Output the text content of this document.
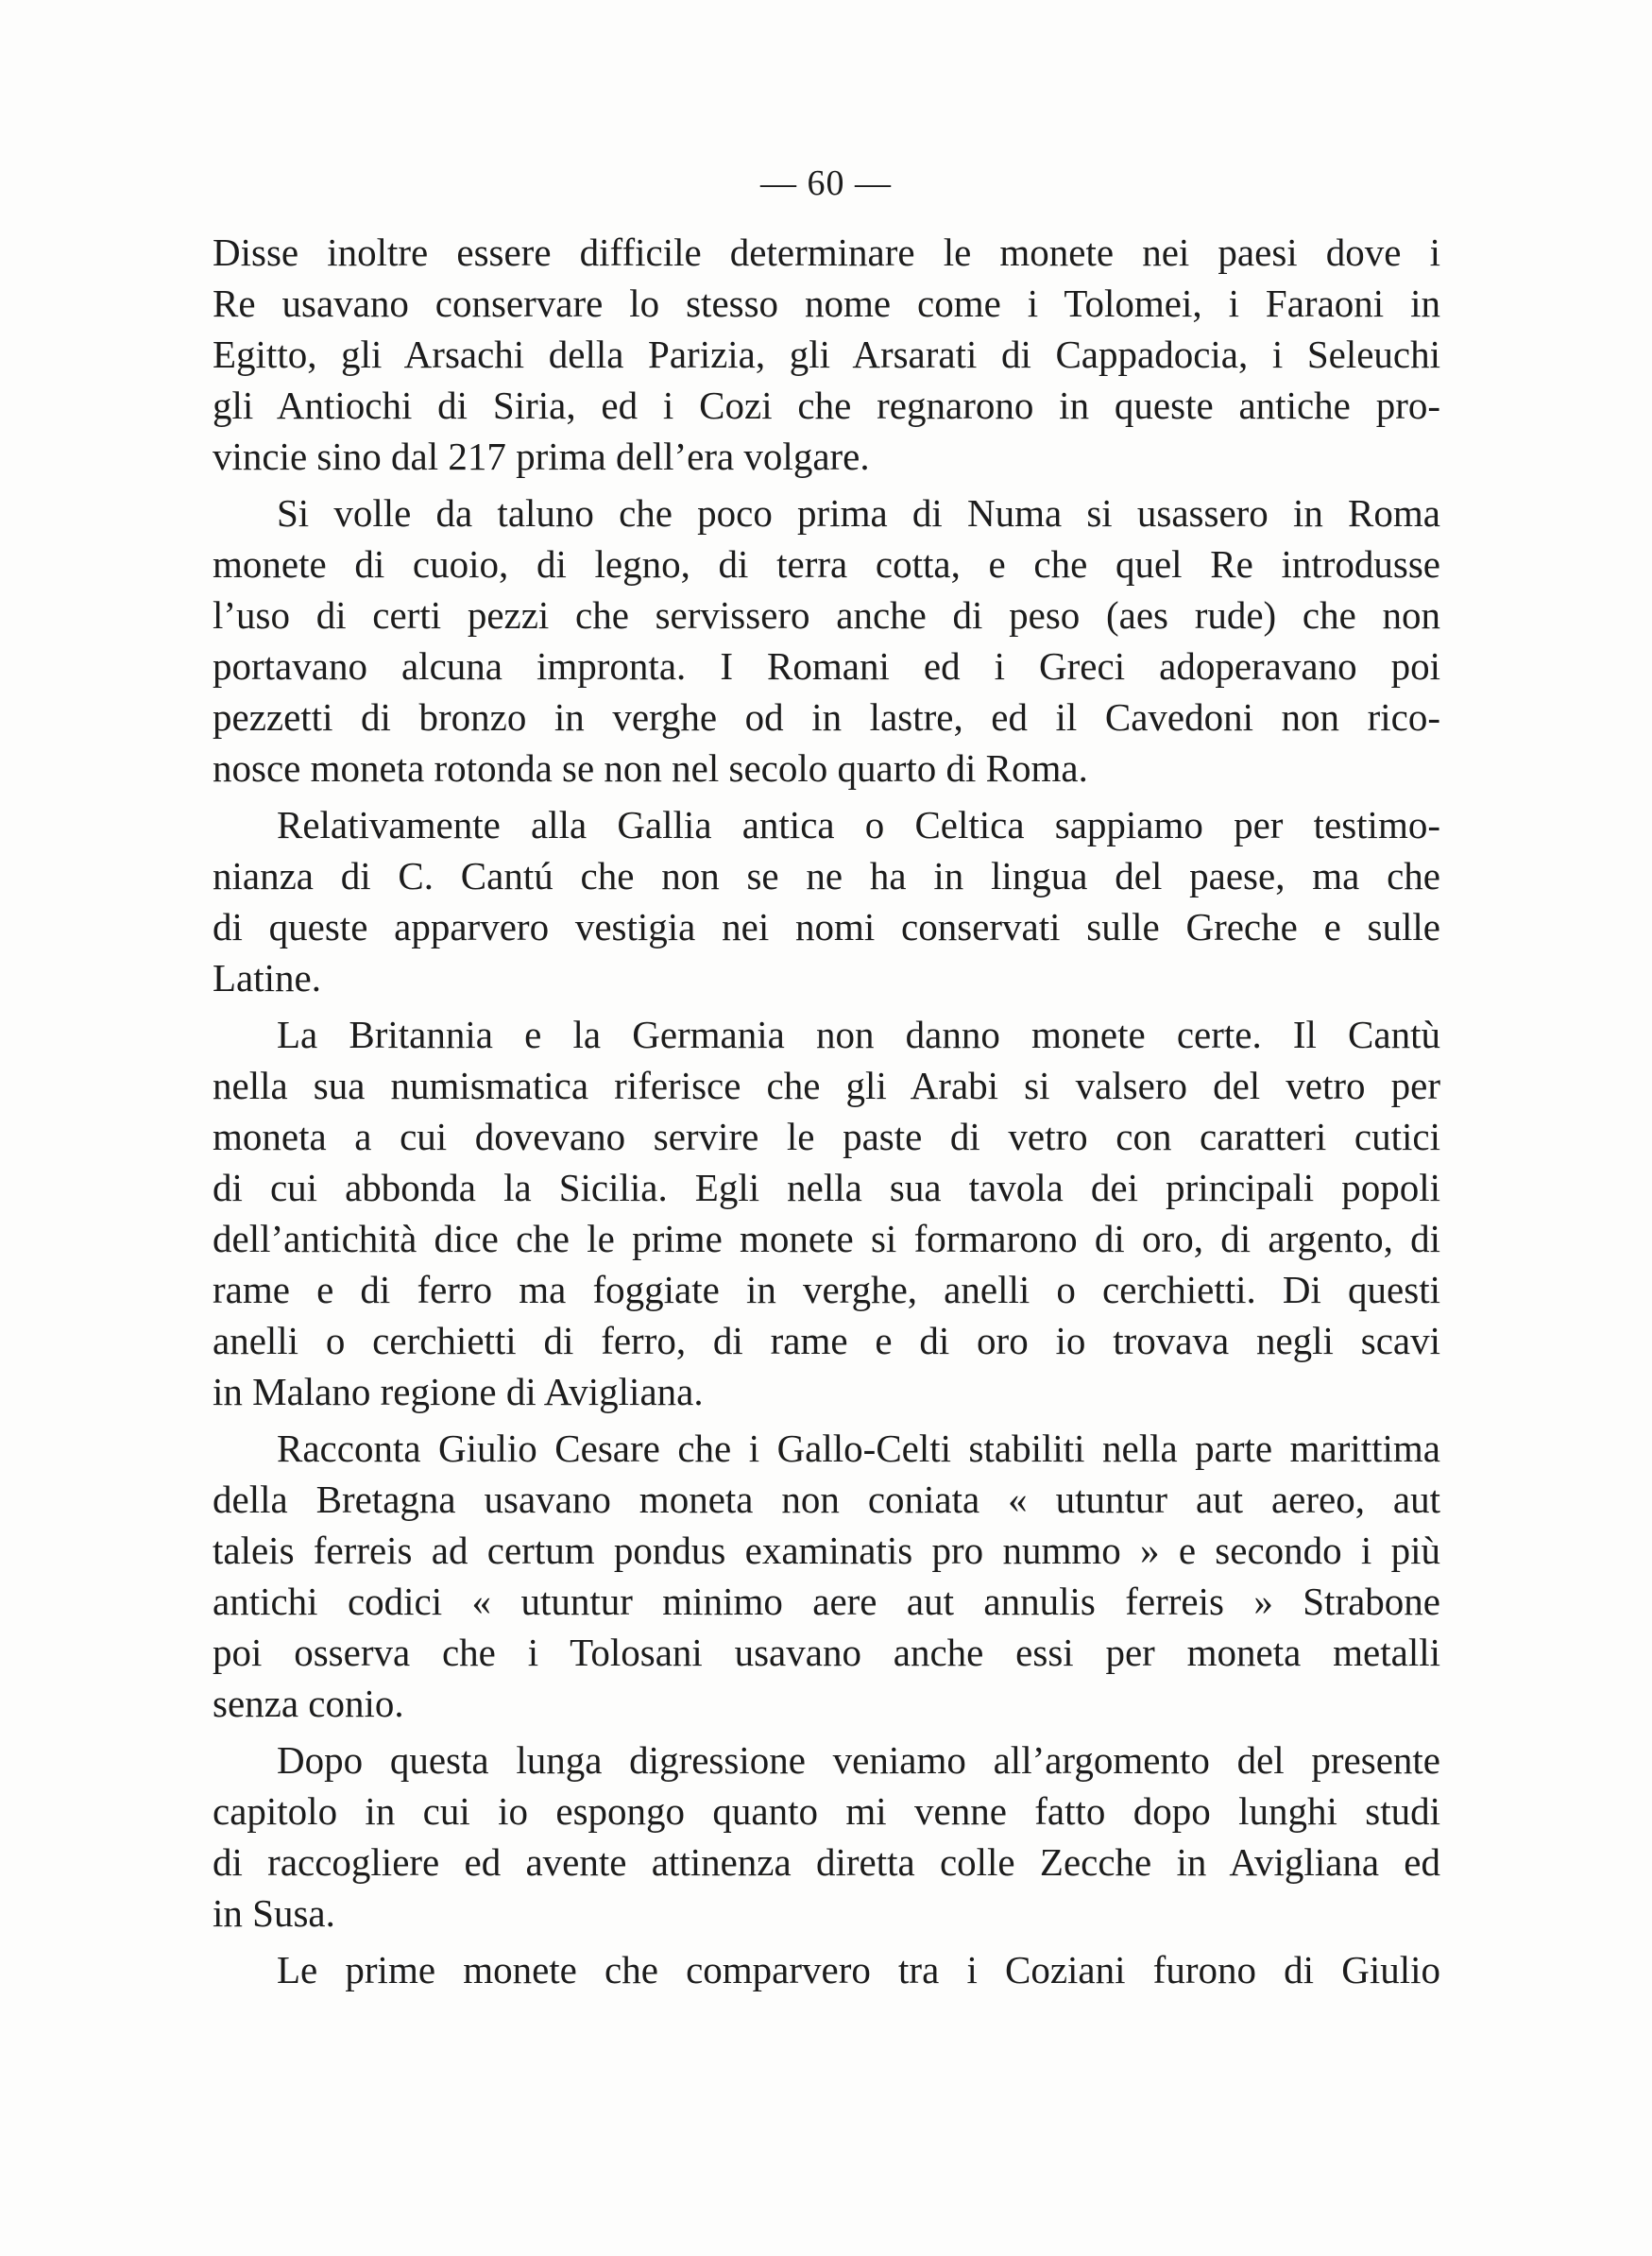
— 60 —
Disse inoltre essere difficile determinare le monete nei paesi dove i
Re usavano conservare lo stesso nome come i Tolomei, i Faraoni in
Egitto, gli Arsachi della Parizia, gli Arsarati di Cappadocia, i Seleuchi
gli Antiochi di Siria, ed i Cozi che regnarono in queste antiche pro-
vincie sino dal 217 prima dell’era volgare.
Si volle da taluno che poco prima di Numa si usassero in Roma
monete di cuoio, di legno, di terra cotta, e che quel Re introdusse
l’uso di certi pezzi che servissero anche di peso (aes rude) che non
portavano alcuna impronta. I Romani ed i Greci adoperavano poi
pezzetti di bronzo in verghe od in lastre, ed il Cavedoni non rico-
nosce moneta rotonda se non nel secolo quarto di Roma.
Relativamente alla Gallia antica o Celtica sappiamo per testimo-
nianza di C. Cantú che non se ne ha in lingua del paese, ma che
di queste apparvero vestigia nei nomi conservati sulle Greche e sulle
Latine.
La Britannia e la Germania non danno monete certe. Il Cantù
nella sua numismatica riferisce che gli Arabi si valsero del vetro per
moneta a cui dovevano servire le paste di vetro con caratteri cutici
di cui abbonda la Sicilia. Egli nella sua tavola dei principali popoli
dell’antichità dice che le prime monete si formarono di oro, di argento, di
rame e di ferro ma foggiate in verghe, anelli o cerchietti. Di questi
anelli o cerchietti di ferro, di rame e di oro io trovava negli scavi
in Malano regione di Avigliana.
Racconta Giulio Cesare che i Gallo-Celti stabiliti nella parte marittima
della Bretagna usavano moneta non coniata « utuntur aut aereo, aut
taleis ferreis ad certum pondus examinatis pro nummo » e secondo i più
antichi codici « utuntur minimo aere aut annulis ferreis » Strabone
poi osserva che i Tolosani usavano anche essi per moneta metalli
senza conio.
Dopo questa lunga digressione veniamo all’argomento del presente
capitolo in cui io espongo quanto mi venne fatto dopo lunghi studi
di raccogliere ed avente attinenza diretta colle Zecche in Avigliana ed
in Susa.
Le prime monete che comparvero tra i Coziani furono di Giulio
